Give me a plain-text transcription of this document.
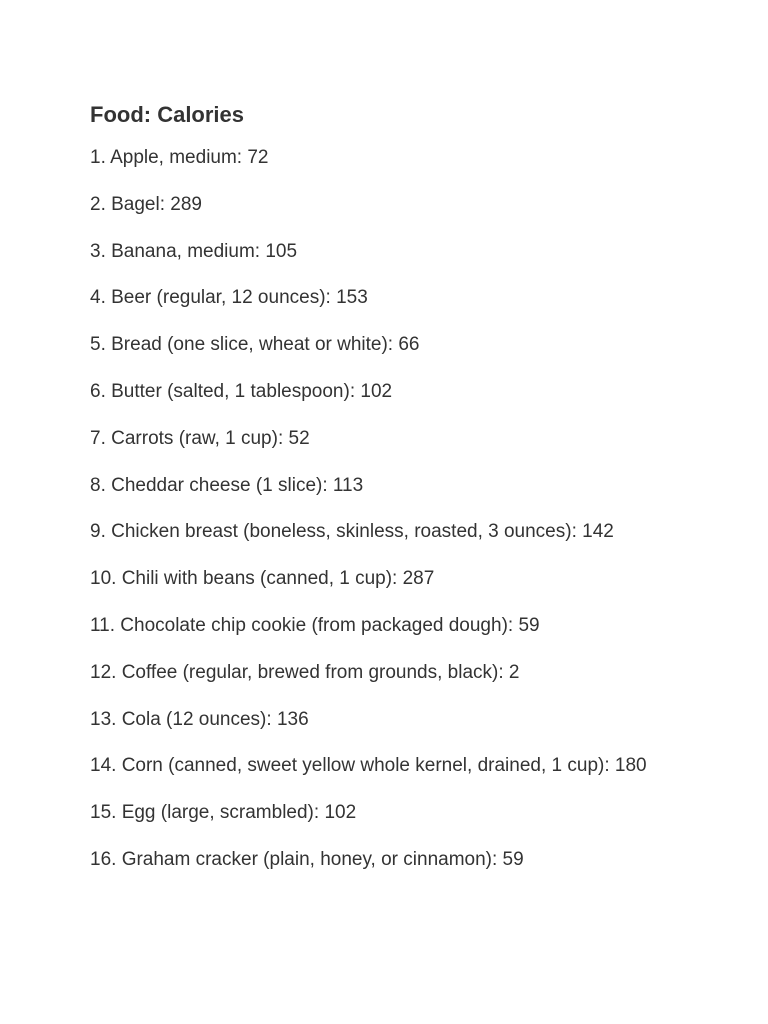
Food: Calories
1. Apple, medium: 72
2. Bagel: 289
3. Banana, medium: 105
4. Beer (regular, 12 ounces): 153
5. Bread (one slice, wheat or white): 66
6. Butter (salted, 1 tablespoon): 102
7. Carrots (raw, 1 cup): 52
8. Cheddar cheese (1 slice): 113
9. Chicken breast (boneless, skinless, roasted, 3 ounces): 142
10. Chili with beans (canned, 1 cup): 287
11. Chocolate chip cookie (from packaged dough): 59
12. Coffee (regular, brewed from grounds, black): 2
13. Cola (12 ounces): 136
14. Corn (canned, sweet yellow whole kernel, drained, 1 cup): 180
15. Egg (large, scrambled): 102
16. Graham cracker (plain, honey, or cinnamon): 59
